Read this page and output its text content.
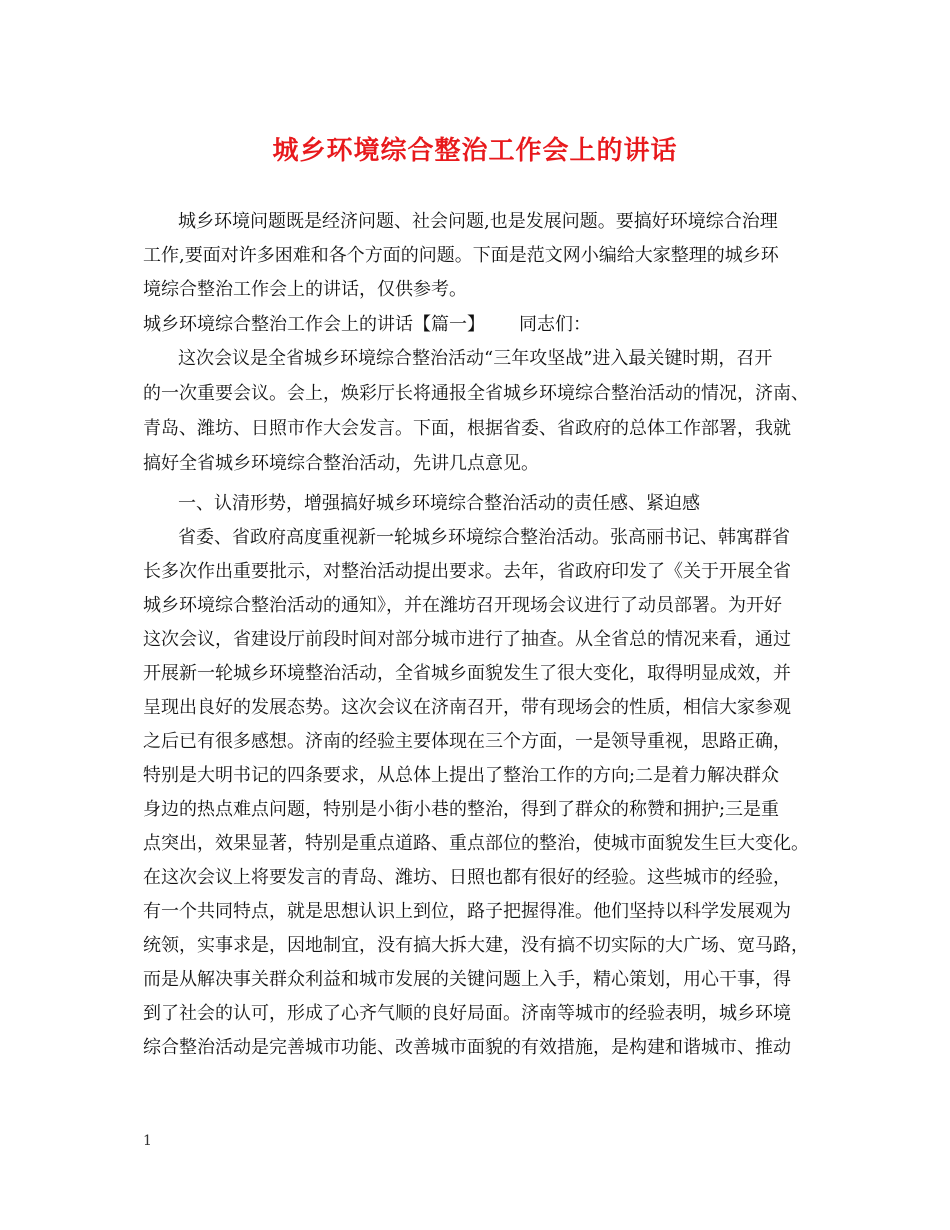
城乡环境综合整治工作会上的讲话
城乡环境问题既是经济问题、社会问题,也是发展问题。要搞好环境综合治理
工作,要面对许多困难和各个方面的问题。下面是范文网小编给大家整理的城乡环
境综合整治工作会上的讲话，仅供参考。
城乡环境综合整治工作会上的讲话【篇一】 同志们：
这次会议是全省城乡环境综合整治活动“三年攻坚战”进入最关键时期，召开
的一次重要会议。会上，焕彩厅长将通报全省城乡环境综合整治活动的情况，济南、
青岛、潍坊、日照市作大会发言。下面，根据省委、省政府的总体工作部署，我就
搞好全省城乡环境综合整治活动，先讲几点意见。
一、认清形势，增强搞好城乡环境综合整治活动的责任感、紧迫感
省委、省政府高度重视新一轮城乡环境综合整治活动。张高丽书记、韩寓群省
长多次作出重要批示，对整治活动提出要求。去年，省政府印发了《关于开展全省
城乡环境综合整治活动的通知》，并在潍坊召开现场会议进行了动员部署。为开好
这次会议，省建设厅前段时间对部分城市进行了抽查。从全省总的情况来看，通过
开展新一轮城乡环境整治活动，全省城乡面貌发生了很大变化，取得明显成效，并
呈现出良好的发展态势。这次会议在济南召开，带有现场会的性质，相信大家参观
之后已有很多感想。济南的经验主要体现在三个方面，一是领导重视，思路正确，
特别是大明书记的四条要求，从总体上提出了整治工作的方向;二是着力解决群众
身边的热点难点问题，特别是小街小巷的整治，得到了群众的称赞和拥护;三是重
点突出，效果显著，特别是重点道路、重点部位的整治，使城市面貌发生巨大变化。
在这次会议上将要发言的青岛、潍坊、日照也都有很好的经验。这些城市的经验，
有一个共同特点，就是思想认识上到位，路子把握得准。他们坚持以科学发展观为
统领，实事求是，因地制宜，没有搞大拆大建，没有搞不切实际的大广场、宽马路，
而是从解决事关群众利益和城市发展的关键问题上入手，精心策划，用心干事，得
到了社会的认可，形成了心齐气顺的良好局面。济南等城市的经验表明，城乡环境
综合整治活动是完善城市功能、改善城市面貌的有效措施，是构建和谐城市、推动
1
